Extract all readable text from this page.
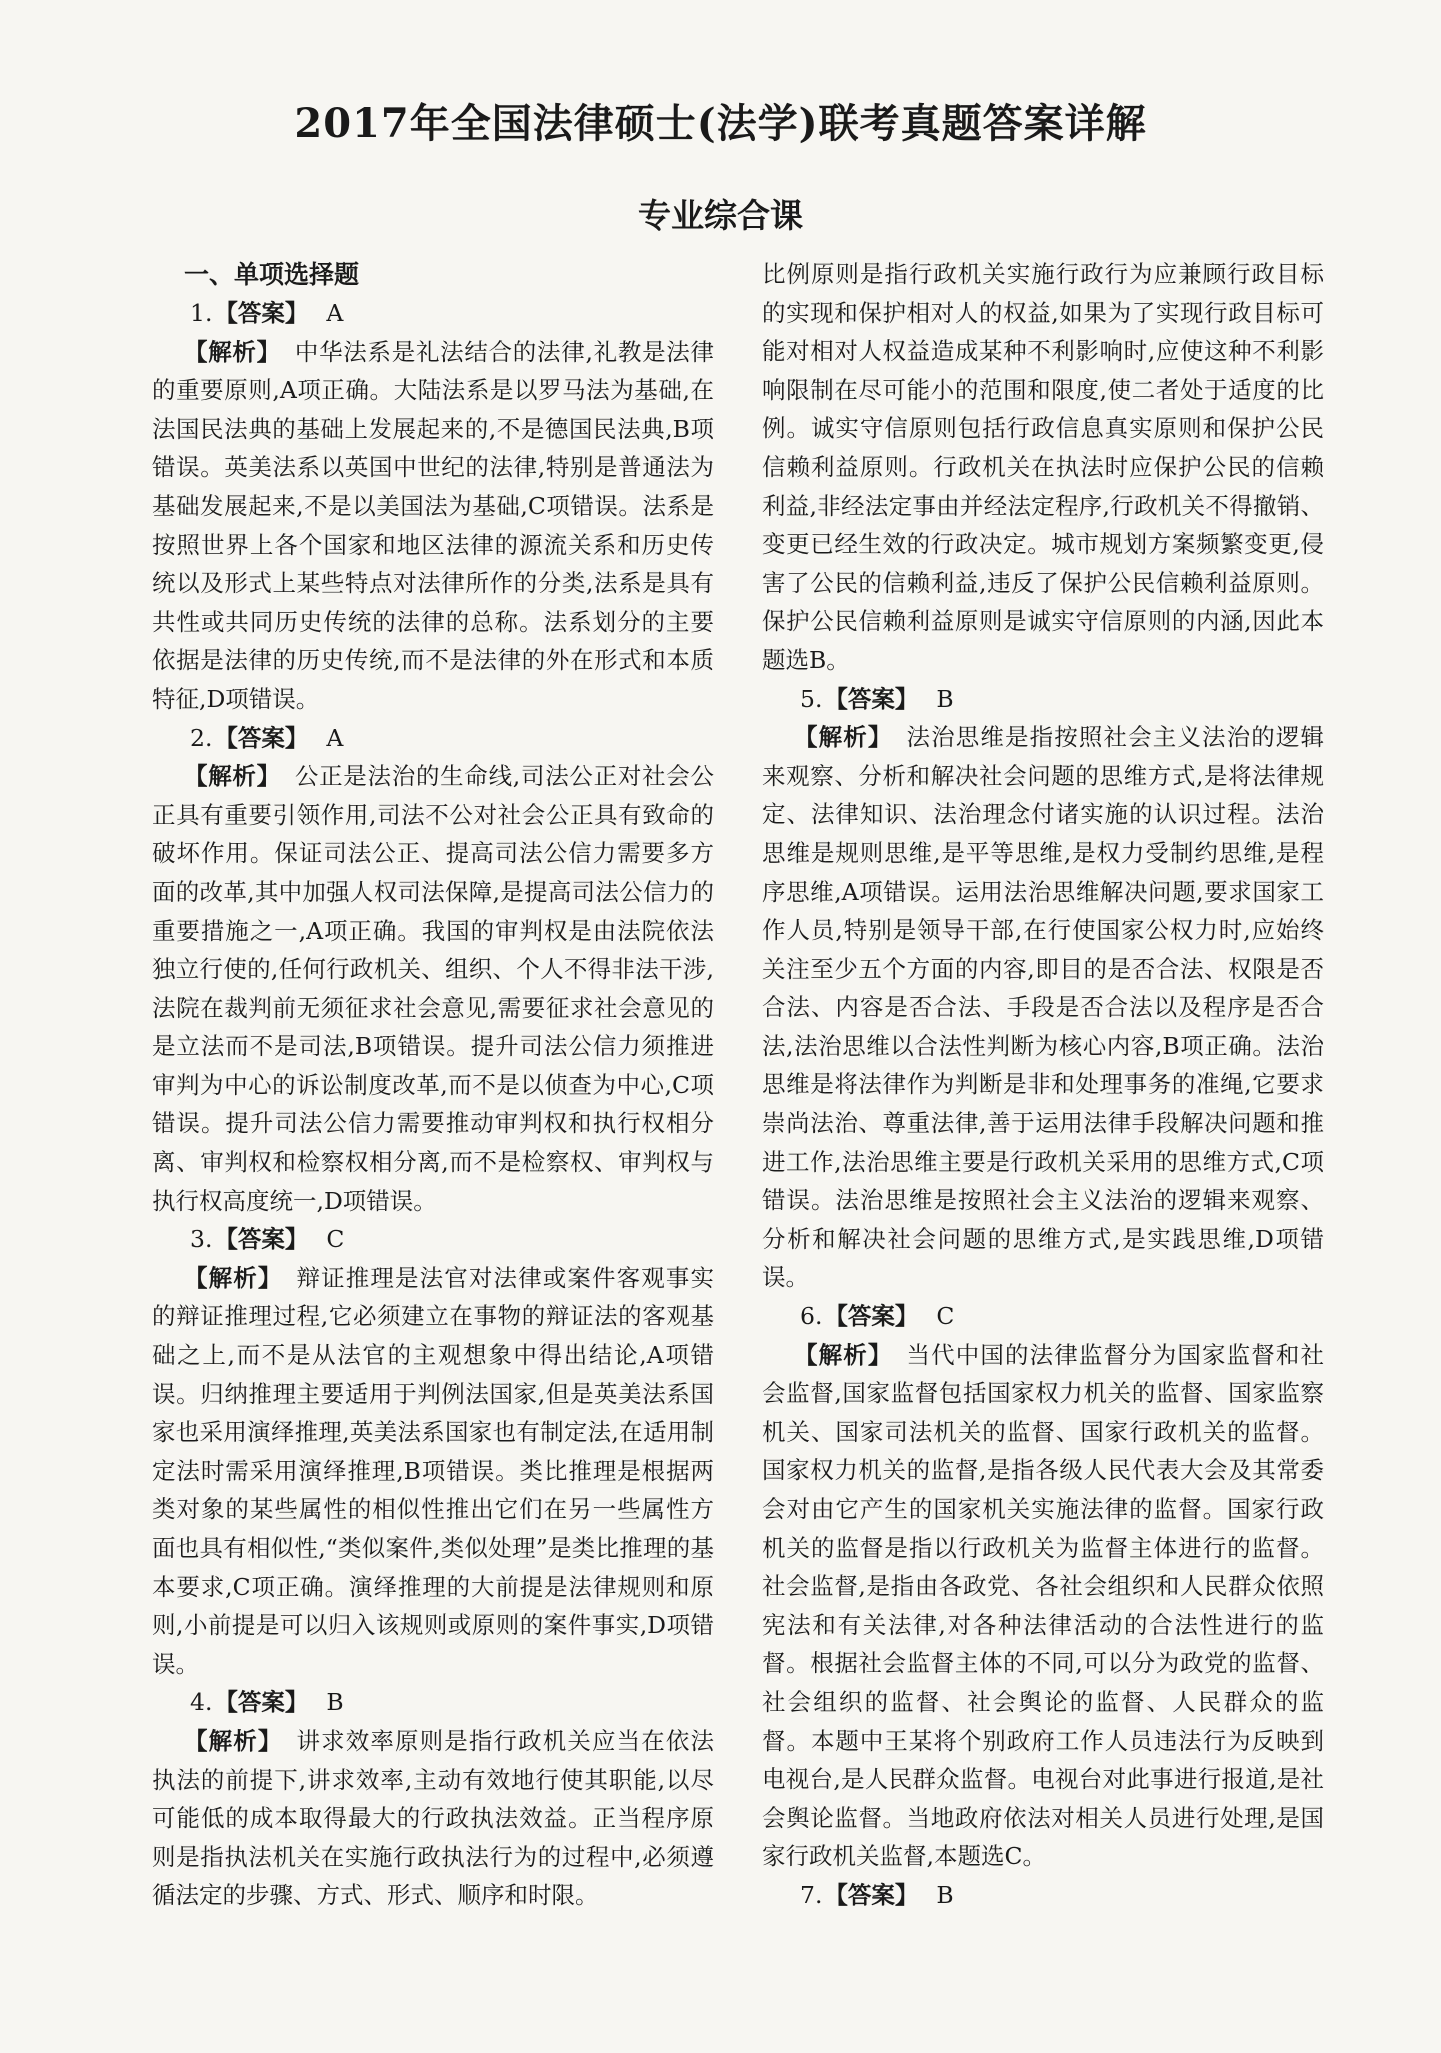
2017年全国法律硕士(法学)联考真题答案详解
专业综合课
一、单项选择题
1.【答案】 A

【解析】 中华法系是礼法结合的法律,礼教是法律的重要原则,A项正确。大陆法系是以罗马法为基础,在法国民法典的基础上发展起来的,不是德国民法典,B项错误。英美法系以英国中世纪的法律,特别是普通法为基础发展起来,不是以美国法为基础,C项错误。法系是按照世界上各个国家和地区法律的源流关系和历史传统以及形式上某些特点对法律所作的分类,法系是具有共性或共同历史传统的法律的总称。法系划分的主要依据是法律的历史传统,而不是法律的外在形式和本质特征,D项错误。

2.【答案】 A

【解析】 公正是法治的生命线,司法公正对社会公正具有重要引领作用,司法不公对社会公正具有致命的破坏作用。保证司法公正、提高司法公信力需要多方面的改革,其中加强人权司法保障,是提高司法公信力的重要措施之一,A项正确。我国的审判权是由法院依法独立行使的,任何行政机关、组织、个人不得非法干涉,法院在裁判前无须征求社会意见,需要征求社会意见的是立法而不是司法,B项错误。提升司法公信力须推进审判为中心的诉讼制度改革,而不是以侦查为中心,C项错误。提升司法公信力需要推动审判权和执行权相分离、审判权和检察权相分离,而不是检察权、审判权与执行权高度统一,D项错误。

3.【答案】 C

【解析】 辩证推理是法官对法律或案件客观事实的辩证推理过程,它必须建立在事物的辩证法的客观基础之上,而不是从法官的主观想象中得出结论,A项错误。归纳推理主要适用于判例法国家,但是英美法系国家也采用演绎推理,英美法系国家也有制定法,在适用制定法时需采用演绎推理,B项错误。类比推理是根据两类对象的某些属性的相似性推出它们在另一些属性方面也具有相似性,“类似案件,类似处理”是类比推理的基本要求,C项正确。演绎推理的大前提是法律规则和原则,小前提是可以归入该规则或原则的案件事实,D项错误。

4.【答案】 B

【解析】 讲求效率原则是指行政机关应当在依法执法的前提下,讲求效率,主动有效地行使其职能,以尽可能低的成本取得最大的行政执法效益。正当程序原则是指执法机关在实施行政执法行为的过程中,必须遵循法定的步骤、方式、形式、顺序和时限。

比例原则是指行政机关实施行政行为应兼顾行政目标的实现和保护相对人的权益,如果为了实现行政目标可能对相对人权益造成某种不利影响时,应使这种不利影响限制在尽可能小的范围和限度,使二者处于适度的比例。诚实守信原则包括行政信息真实原则和保护公民信赖利益原则。行政机关在执法时应保护公民的信赖利益,非经法定事由并经法定程序,行政机关不得撤销、变更已经生效的行政决定。城市规划方案频繁变更,侵害了公民的信赖利益,违反了保护公民信赖利益原则。保护公民信赖利益原则是诚实守信原则的内涵,因此本题选B。

5.【答案】 B

【解析】 法治思维是指按照社会主义法治的逻辑来观察、分析和解决社会问题的思维方式,是将法律规定、法律知识、法治理念付诸实施的认识过程。法治思维是规则思维,是平等思维,是权力受制约思维,是程序思维,A项错误。运用法治思维解决问题,要求国家工作人员,特别是领导干部,在行使国家公权力时,应始终关注至少五个方面的内容,即目的是否合法、权限是否合法、内容是否合法、手段是否合法以及程序是否合法,法治思维以合法性判断为核心内容,B项正确。法治思维是将法律作为判断是非和处理事务的准绳,它要求崇尚法治、尊重法律,善于运用法律手段解决问题和推进工作,法治思维主要是行政机关采用的思维方式,C项错误。法治思维是按照社会主义法治的逻辑来观察、分析和解决社会问题的思维方式,是实践思维,D项错误。

6.【答案】 C

【解析】 当代中国的法律监督分为国家监督和社会监督,国家监督包括国家权力机关的监督、国家监察机关、国家司法机关的监督、国家行政机关的监督。国家权力机关的监督,是指各级人民代表大会及其常委会对由它产生的国家机关实施法律的监督。国家行政机关的监督是指以行政机关为监督主体进行的监督。社会监督,是指由各政党、各社会组织和人民群众依照宪法和有关法律,对各种法律活动的合法性进行的监督。根据社会监督主体的不同,可以分为政党的监督、社会组织的监督、社会舆论的监督、人民群众的监督。本题中王某将个别政府工作人员违法行为反映到电视台,是人民群众监督。电视台对此事进行报道,是社会舆论监督。当地政府依法对相关人员进行处理,是国家行政机关监督,本题选C。

7.【答案】 B
